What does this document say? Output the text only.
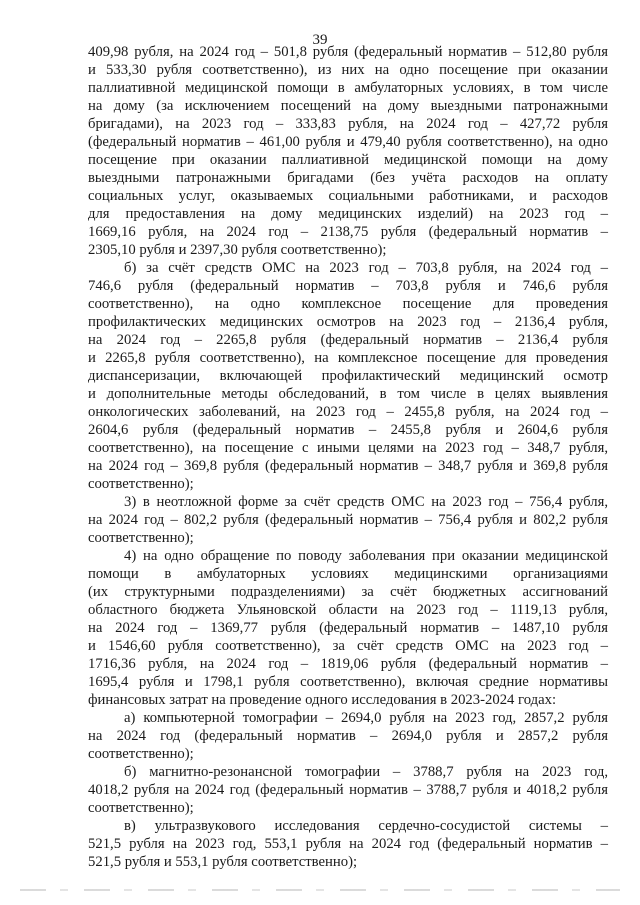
39
409,98 рубля, на 2024 год – 501,8 рубля (федеральный норматив – 512,80 рубля
и 533,30 рубля соответственно), из них на одно посещение при оказании
паллиативной медицинской помощи в амбулаторных условиях, в том числе
на дому (за исключением посещений на дому выездными патронажными
бригадами), на 2023 год – 333,83 рубля, на 2024 год – 427,72 рубля
(федеральный норматив – 461,00 рубля и 479,40 рубля соответственно), на одно
посещение при оказании паллиативной медицинской помощи на дому
выездными патронажными бригадами (без учёта расходов на оплату
социальных услуг, оказываемых социальными работниками, и расходов
для предоставления на дому медицинских изделий) на 2023 год –
1669,16 рубля, на 2024 год – 2138,75 рубля (федеральный норматив –
2305,10 рубля и 2397,30 рубля соответственно);
б) за счёт средств ОМС на 2023 год – 703,8 рубля, на 2024 год –
746,6 рубля (федеральный норматив – 703,8 рубля и 746,6 рубля
соответственно), на одно комплексное посещение для проведения
профилактических медицинских осмотров на 2023 год – 2136,4 рубля,
на 2024 год – 2265,8 рубля (федеральный норматив – 2136,4 рубля
и 2265,8 рубля соответственно), на комплексное посещение для проведения
диспансеризации, включающей профилактический медицинский осмотр
и дополнительные методы обследований, в том числе в целях выявления
онкологических заболеваний, на 2023 год – 2455,8 рубля, на 2024 год –
2604,6 рубля (федеральный норматив – 2455,8 рубля и 2604,6 рубля
соответственно), на посещение с иными целями на 2023 год – 348,7 рубля,
на 2024 год – 369,8 рубля (федеральный норматив – 348,7 рубля и 369,8 рубля
соответственно);
3) в неотложной форме за счёт средств ОМС на 2023 год – 756,4 рубля,
на 2024 год – 802,2 рубля (федеральный норматив – 756,4 рубля и 802,2 рубля
соответственно);
4) на одно обращение по поводу заболевания при оказании медицинской
помощи в амбулаторных условиях медицинскими организациями
(их структурными подразделениями) за счёт бюджетных ассигнований
областного бюджета Ульяновской области на 2023 год – 1119,13 рубля,
на 2024 год – 1369,77 рубля (федеральный норматив – 1487,10 рубля
и 1546,60 рубля соответственно), за счёт средств ОМС на 2023 год –
1716,36 рубля, на 2024 год – 1819,06 рубля (федеральный норматив –
1695,4 рубля и 1798,1 рубля соответственно), включая средние нормативы
финансовых затрат на проведение одного исследования в 2023-2024 годах:
а) компьютерной томографии – 2694,0 рубля на 2023 год, 2857,2 рубля
на 2024 год (федеральный норматив – 2694,0 рубля и 2857,2 рубля
соответственно);
б) магнитно-резонансной томографии – 3788,7 рубля на 2023 год,
4018,2 рубля на 2024 год (федеральный норматив – 3788,7 рубля и 4018,2 рубля
соответственно);
в) ультразвукового исследования сердечно-сосудистой системы –
521,5 рубля на 2023 год, 553,1 рубля на 2024 год (федеральный норматив –
521,5 рубля и 553,1 рубля соответственно);
